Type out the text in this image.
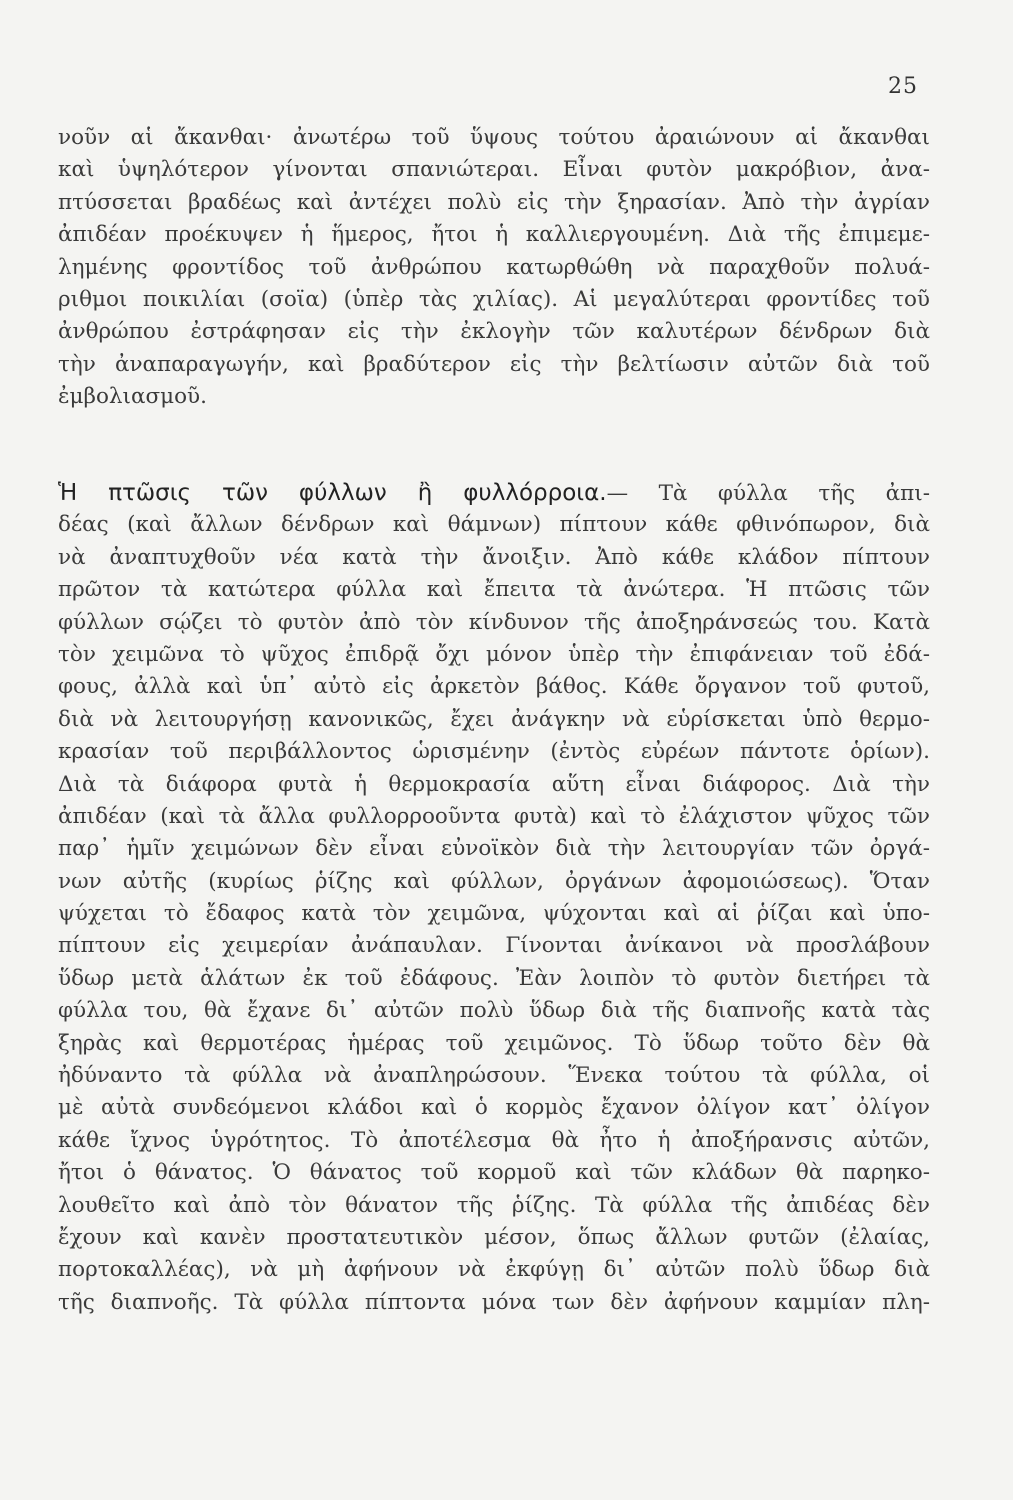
25
νοῦν αἱ ἄκανθαι· ἀνωτέρω τοῦ ὕψους τούτου ἀραιώνουν αἱ ἄκανθαι
καὶ ὑψηλότερον γίνονται σπανιώτεραι. Εἶναι φυτὸν μακρόβιον, ἀνα-
πτύσσεται βραδέως καὶ ἀντέχει πολὺ εἰς τὴν ξηρασίαν. Ἀπὸ τὴν ἀγρίαν
ἀπιδέαν προέκυψεν ἡ ἥμερος, ἤτοι ἡ καλλιεργουμένη. Διὰ τῆς ἐπιμεμε-
λημένης φροντίδος τοῦ ἀνθρώπου κατωρθώθη νὰ παραχθοῦν πολυά-
ριθμοι ποικιλίαι (σοϊα) (ὑπὲρ τὰς χιλίας). Αἱ μεγαλύτεραι φροντίδες τοῦ
ἀνθρώπου ἐστράφησαν εἰς τὴν ἐκλογὴν τῶν καλυτέρων δένδρων διὰ
τὴν ἀναπαραγωγήν, καὶ βραδύτερον εἰς τὴν βελτίωσιν αὐτῶν διὰ τοῦ
ἐμβολιασμοῦ.
Ἡ πτῶσις τῶν φύλλων ἢ φυλλόρροια.— Τὰ φύλλα τῆς ἀπι-
δέας (καὶ ἄλλων δένδρων καὶ θάμνων) πίπτουν κάθε φθινόπωρον, διὰ
νὰ ἀναπτυχθοῦν νέα κατὰ τὴν ἄνοιξιν. Ἀπὸ κάθε κλάδον πίπτουν
πρῶτον τὰ κατώτερα φύλλα καὶ ἔπειτα τὰ ἀνώτερα. Ἡ πτῶσις τῶν
φύλλων σῴζει τὸ φυτὸν ἀπὸ τὸν κίνδυνον τῆς ἀποξηράνσεώς του. Κατὰ
τὸν χειμῶνα τὸ ψῦχος ἐπιδρᾷ ὄχι μόνον ὑπὲρ τὴν ἐπιφάνειαν τοῦ ἐδά-
φους, ἀλλὰ καὶ ὑπ᾽ αὐτὸ εἰς ἀρκετὸν βάθος. Κάθε ὄργανον τοῦ φυτοῦ,
διὰ νὰ λειτουργήσῃ κανονικῶς, ἔχει ἀνάγκην νὰ εὑρίσκεται ὑπὸ θερμο-
κρασίαν τοῦ περιβάλλοντος ὡρισμένην (ἐντὸς εὐρέων πάντοτε ὁρίων).
Διὰ τὰ διάφορα φυτὰ ἡ θερμοκρασία αὕτη εἶναι διάφορος. Διὰ τὴν
ἀπιδέαν (καὶ τὰ ἄλλα φυλλορροοῦντα φυτὰ) καὶ τὸ ἐλάχιστον ψῦχος τῶν
παρ᾽ ἡμῖν χειμώνων δὲν εἶναι εὐνοϊκὸν διὰ τὴν λειτουργίαν τῶν ὀργά-
νων αὐτῆς (κυρίως ῥίζης καὶ φύλλων, ὀργάνων ἀφομοιώσεως). Ὅταν
ψύχεται τὸ ἔδαφος κατὰ τὸν χειμῶνα, ψύχονται καὶ αἱ ῥίζαι καὶ ὑπο-
πίπτουν εἰς χειμερίαν ἀνάπαυλαν. Γίνονται ἀνίκανοι νὰ προσλάβουν
ὕδωρ μετὰ ἁλάτων ἐκ τοῦ ἐδάφους. Ἐὰν λοιπὸν τὸ φυτὸν διετήρει τὰ
φύλλα του, θὰ ἔχανε δι᾽ αὐτῶν πολὺ ὕδωρ διὰ τῆς διαπνοῆς κατὰ τὰς
ξηρὰς καὶ θερμοτέρας ἡμέρας τοῦ χειμῶνος. Τὸ ὕδωρ τοῦτο δὲν θὰ
ἠδύναντο τὰ φύλλα νὰ ἀναπληρώσουν. Ἕνεκα τούτου τὰ φύλλα, οἱ
μὲ αὐτὰ συνδεόμενοι κλάδοι καὶ ὁ κορμὸς ἔχανον ὀλίγον κατ᾽ ὀλίγον
κάθε ἴχνος ὑγρότητος. Τὸ ἀποτέλεσμα θὰ ἦτο ἡ ἀποξήρανσις αὐτῶν,
ἤτοι ὁ θάνατος. Ὁ θάνατος τοῦ κορμοῦ καὶ τῶν κλάδων θὰ παρηκο-
λουθεῖτο καὶ ἀπὸ τὸν θάνατον τῆς ῥίζης. Τὰ φύλλα τῆς ἀπιδέας δὲν
ἔχουν καὶ κανὲν προστατευτικὸν μέσον, ὅπως ἄλλων φυτῶν (ἐλαίας,
πορτοκαλλέας), νὰ μὴ ἀφήνουν νὰ ἐκφύγῃ δι᾽ αὐτῶν πολὺ ὕδωρ διὰ
τῆς διαπνοῆς. Τὰ φύλλα πίπτοντα μόνα των δὲν ἀφήνουν καμμίαν πλη-
